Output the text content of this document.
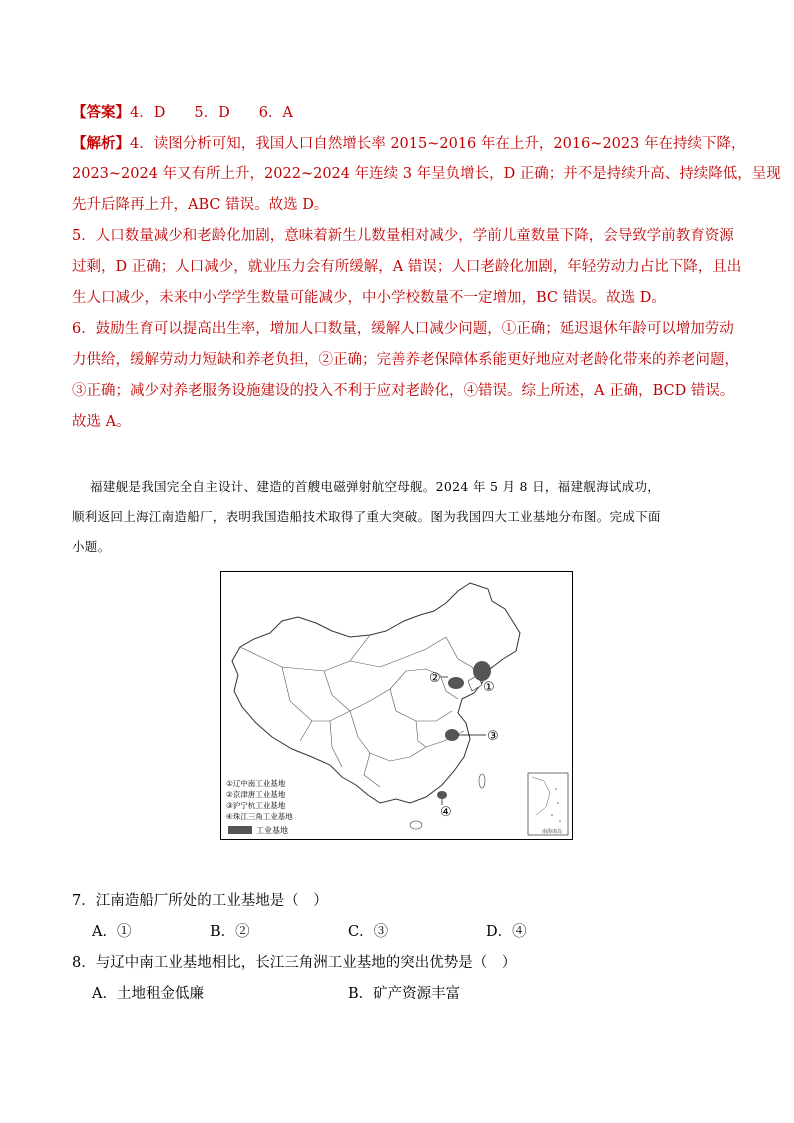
【答案】4．D　　5．D　　6．A
【解析】4．读图分析可知，我国人口自然增长率 2015~2016 年在上升，2016~2023 年在持续下降，
2023~2024 年又有所上升，2022~2024 年连续 3 年呈负增长，D 正确；并不是持续升高、持续降低，呈现
先升后降再上升，ABC 错误。故选 D。
5．人口数量减少和老龄化加剧，意味着新生儿数量相对减少，学前儿童数量下降，会导致学前教育资源
过剩，D 正确；人口减少，就业压力会有所缓解，A 错误；人口老龄化加剧，年轻劳动力占比下降，且出
生人口减少，未来中小学学生数量可能减少，中小学校数量不一定增加，BC 错误。故选 D。
6．鼓励生育可以提高出生率，增加人口数量，缓解人口减少问题，①正确；延迟退休年龄可以增加劳动
力供给，缓解劳动力短缺和养老负担，②正确；完善养老保障体系能更好地应对老龄化带来的养老问题，
③正确；减少对养老服务设施建设的投入不利于应对老龄化，④错误。综上所述，A 正确，BCD 错误。
故选 A。
福建舰是我国完全自主设计、建造的首艘电磁弹射航空母舰。2024 年 5 月 8 日，福建舰海试成功，
顺利返回上海江南造船厂，表明我国造船技术取得了重大突破。图为我国四大工业基地分布图。完成下面
小题。
①
②
③
④
南海诸岛
①辽中南工业基地
②京津唐工业基地
③沪宁杭工业基地
④珠江三角工业基地
工业基地
7．江南造船厂所处的工业基地是（　）
A．①	B．②	C．③	D．④
8．与辽中南工业基地相比，长江三角洲工业基地的突出优势是（　）
A．土地租金低廉	B．矿产资源丰富
